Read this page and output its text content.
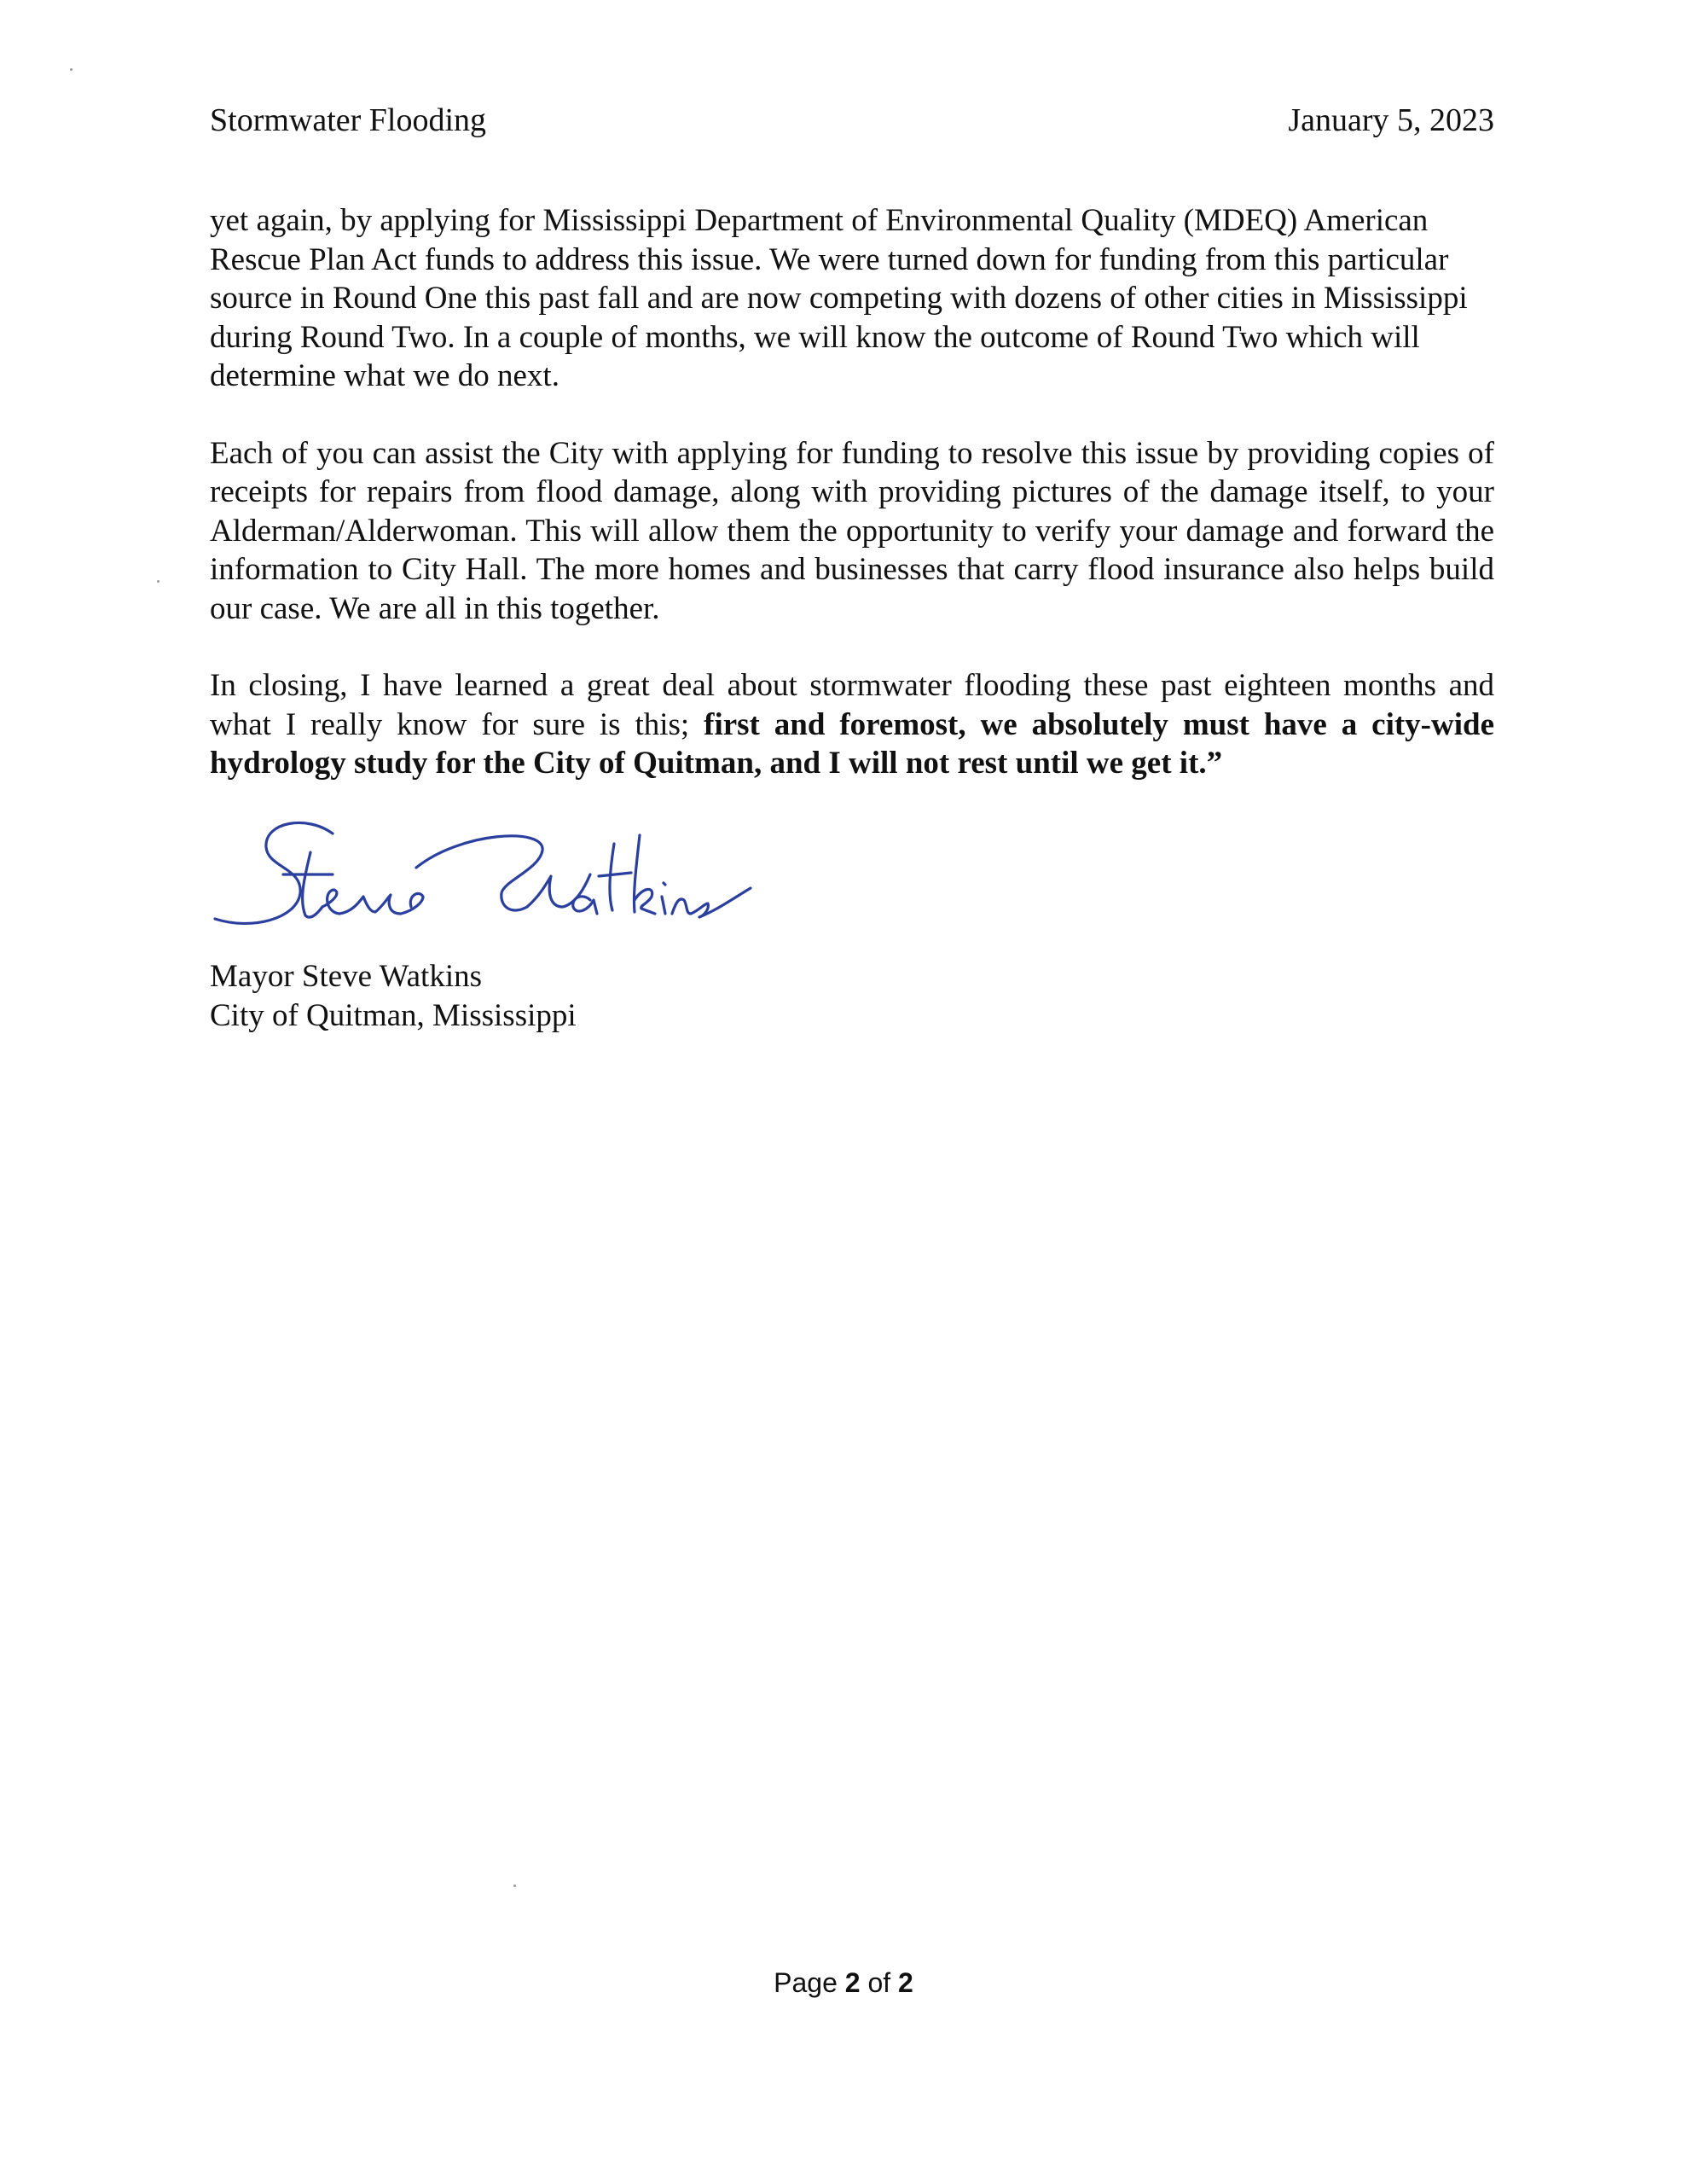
Stormwater Flooding	January 5, 2023

yet again, by applying for Mississippi Department of Environmental Quality (MDEQ) American Rescue Plan Act funds to address this issue. We were turned down for funding from this particular source in Round One this past fall and are now competing with dozens of other cities in Mississippi during Round Two. In a couple of months, we will know the outcome of Round Two which will determine what we do next.

Each of you can assist the City with applying for funding to resolve this issue by providing copies of receipts for repairs from flood damage, along with providing pictures of the damage itself, to your Alderman/Alderwoman. This will allow them the opportunity to verify your damage and forward the information to City Hall. The more homes and businesses that carry flood insurance also helps build our case. We are all in this together.

In closing, I have learned a great deal about stormwater flooding these past eighteen months and what I really know for sure is this; first and foremost, we absolutely must have a city-wide hydrology study for the City of Quitman, and I will not rest until we get it.”

Mayor Steve Watkins
City of Quitman, Mississippi
Page 2 of 2
